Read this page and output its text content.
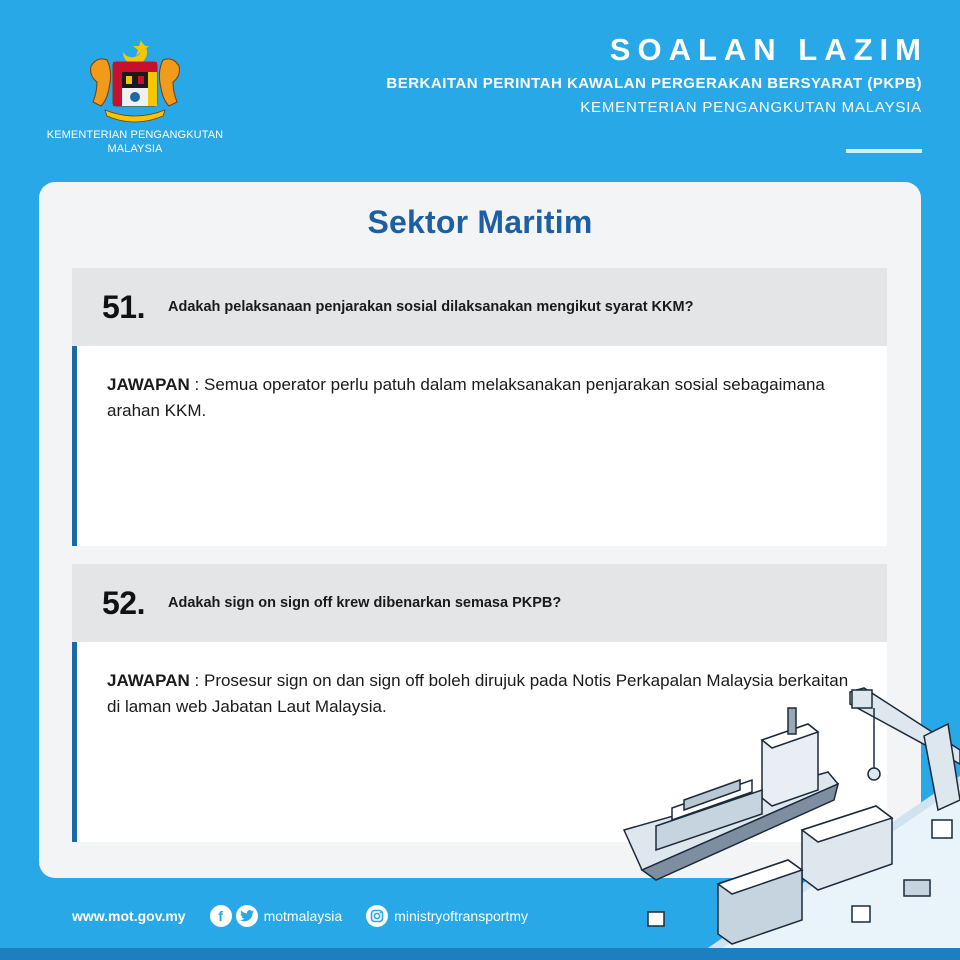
KEMENTERIAN PENGANGKUTAN
MALAYSIA
SOALAN LAZIM
BERKAITAN PERINTAH KAWALAN PERGERAKAN BERSYARAT (PKPB)
KEMENTERIAN PENGANGKUTAN MALAYSIA
Sektor Maritim
51.	Adakah pelaksanaan penjarakan sosial dilaksanakan mengikut syarat KKM?
JAWAPAN : Semua operator perlu patuh dalam melaksanakan penjarakan sosial sebagaimana arahan KKM.
52.	Adakah sign on sign off krew dibenarkan semasa PKPB?
JAWAPAN : Prosesur sign on dan sign off boleh dirujuk pada Notis Perkapalan Malaysia berkaitan di laman web Jabatan Laut Malaysia.
www.mot.gov.my f	motmalaysia	ministryoftransportmy
